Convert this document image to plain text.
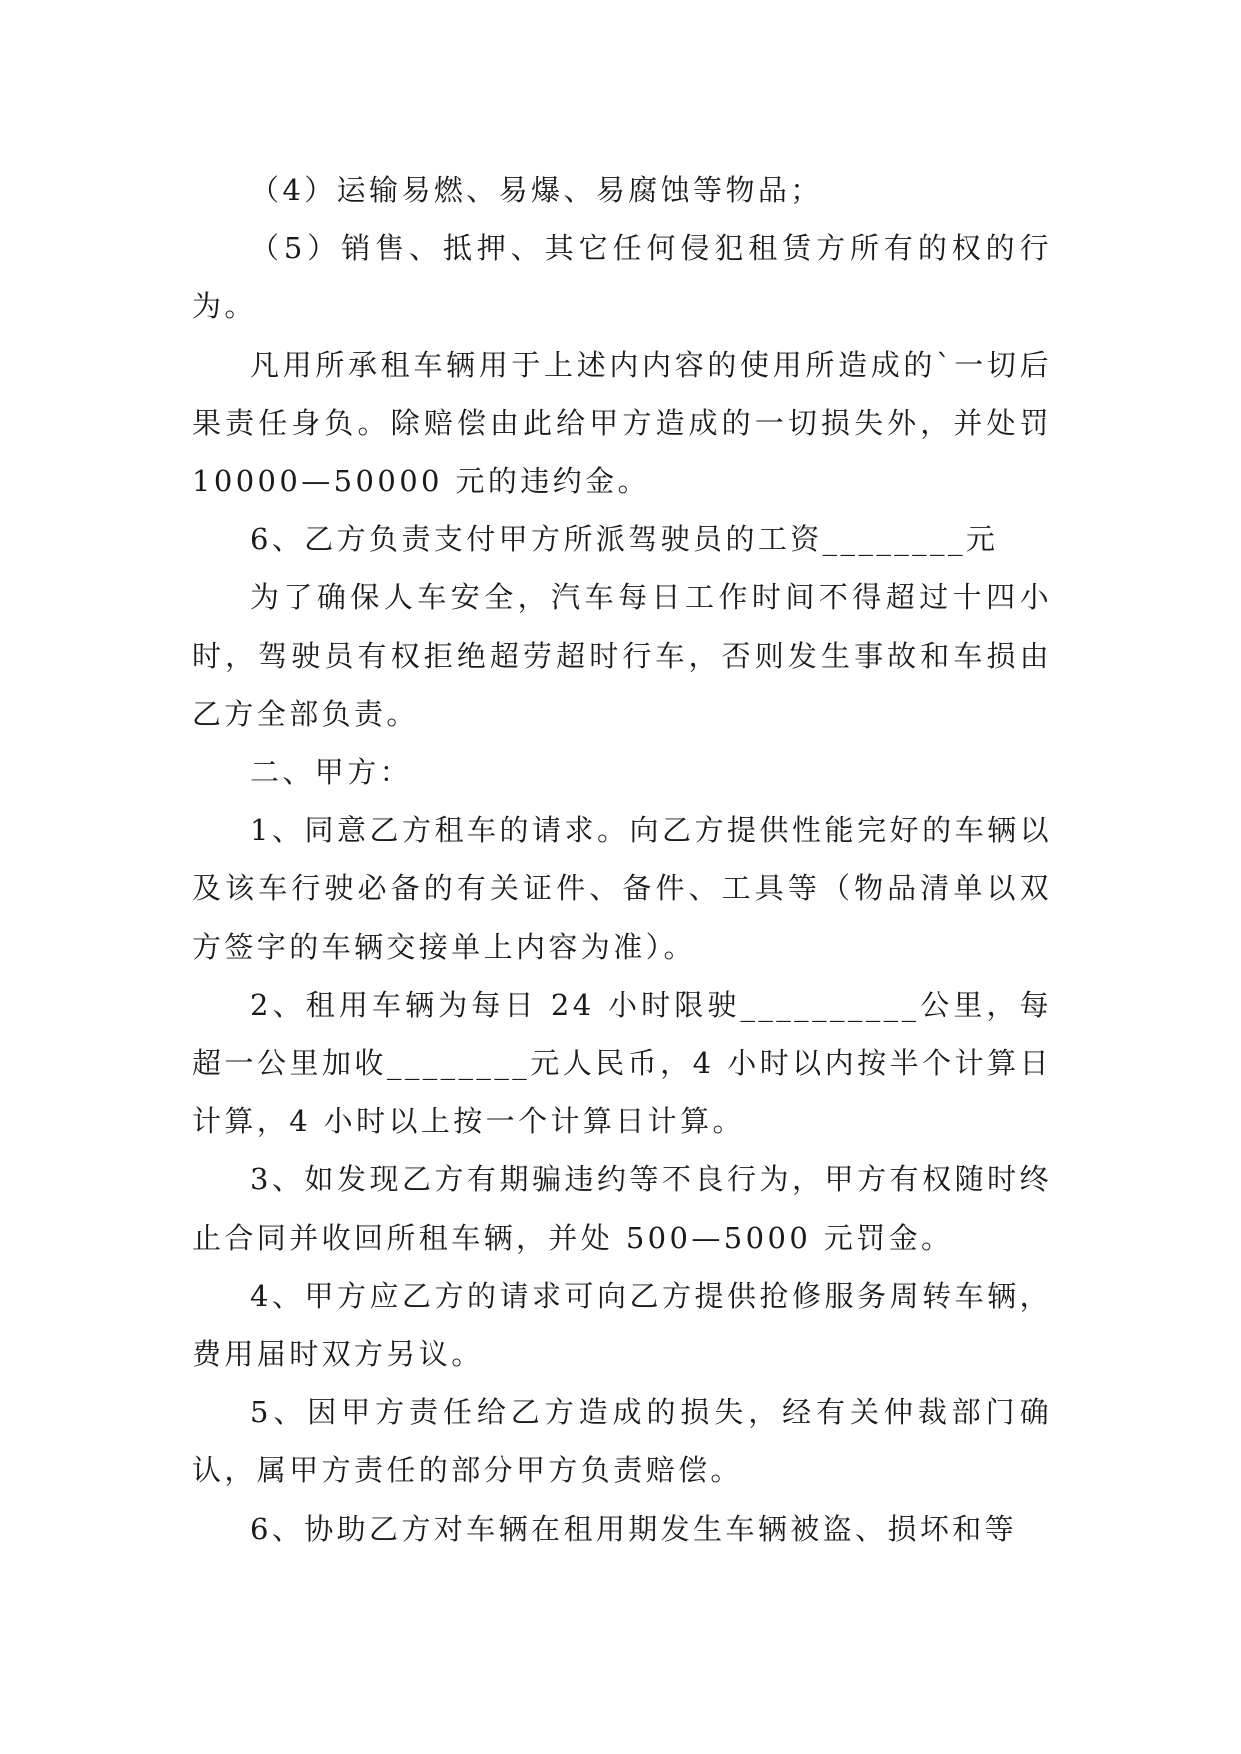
（4）运输易燃、易爆、易腐蚀等物品；

（5）销售、抵押、其它任何侵犯租赁方所有的权的行为。

凡用所承租车辆用于上述内内容的使用所造成的`一切后果责任身负。除赔偿由此给甲方造成的一切损失外，并处罚 10000—50000 元的违约金。

6、乙方负责支付甲方所派驾驶员的工资________元

为了确保人车安全，汽车每日工作时间不得超过十四小时，驾驶员有权拒绝超劳超时行车，否则发生事故和车损由乙方全部负责。

二、甲方：

1、同意乙方租车的请求。向乙方提供性能完好的车辆以及该车行驶必备的有关证件、备件、工具等（物品清单以双方签字的车辆交接单上内容为准）。

2、租用车辆为每日 24 小时限驶__________公里，每超一公里加收________元人民币，4 小时以内按半个计算日计算，4 小时以上按一个计算日计算。

3、如发现乙方有期骗违约等不良行为，甲方有权随时终止合同并收回所租车辆，并处 500—5000 元罚金。

4、甲方应乙方的请求可向乙方提供抢修服务周转车辆，费用届时双方另议。

5、因甲方责任给乙方造成的损失，经有关仲裁部门确认，属甲方责任的部分甲方负责赔偿。

6、协助乙方对车辆在租用期发生车辆被盗、损坏和等
